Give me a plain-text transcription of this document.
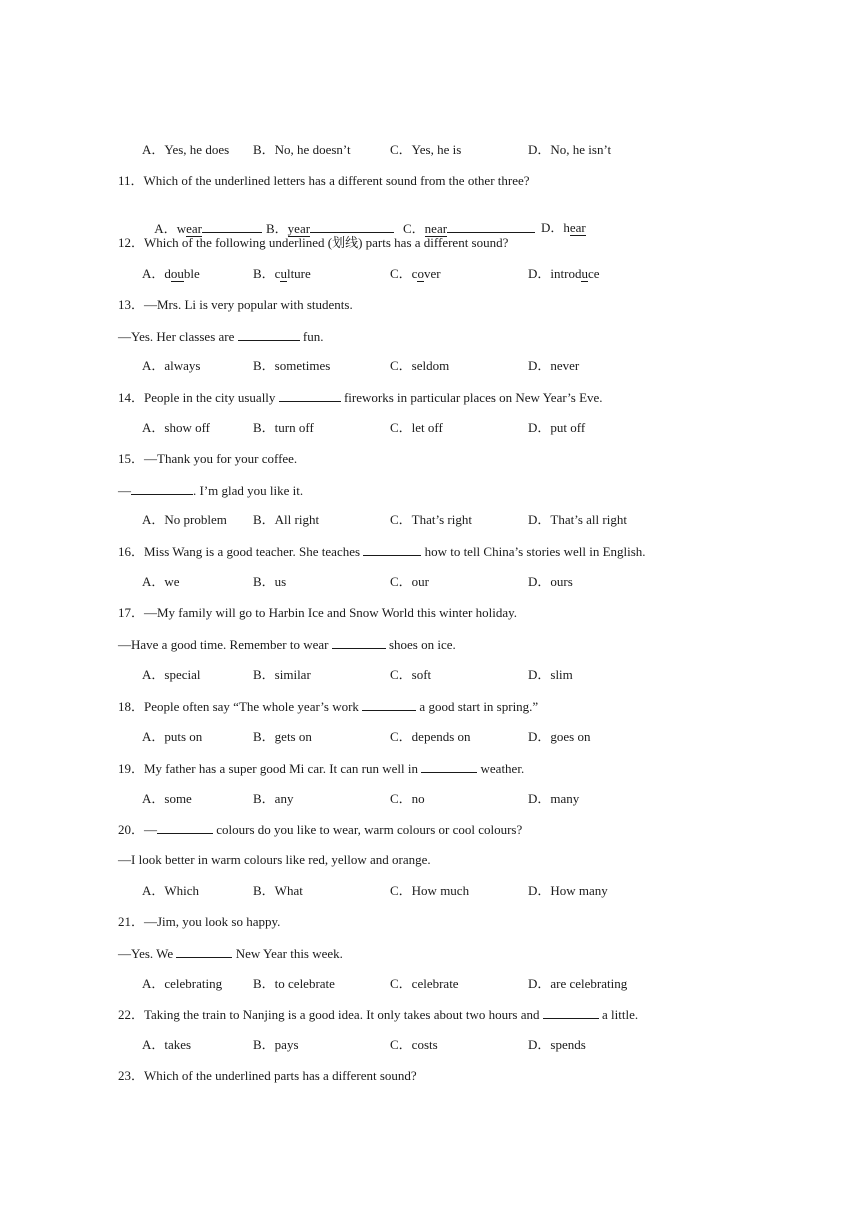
A．Yes, he does B．No, he doesn’t	C．Yes, he is	D．No, he isn’t
11．Which of the underlined letters has a different sound from the other three?

A．wear
	B．year
	C．near
	D．hear

12．Which of the following underlined (划线) parts has a different sound?
A．double	B．culture	C．cover	D．introduce
13．—Mrs. Li is very popular with students.
—Yes. Her classes are	fun.
A．always	B．sometimes	C．seldom	D．never
14．People in the city usually	fireworks in particular places on New Year’s Eve.
A．show off	B．turn off	C．let off	D．put off
15．—Thank you for your coffee.
—	. I’m glad you like it.
A．No problem B．All right	C．That’s right	D．That’s all right
16．Miss Wang is a good teacher. She teaches	how to tell China’s stories well in English.
A．we	B．us	C．our	D．ours
17．—My family will go to Harbin Ice and Snow World this winter holiday.
—Have a good time. Remember to wear	shoes on ice.
A．special	B．similar	C．soft	D．slim
18．People often say “The whole year’s work	a good start in spring.”
A．puts on	B．gets on	C．depends on	D．goes on
19．My father has a super good Mi car. It can run well in	weather.
A．some	B．any	C．no	D．many
20．—	colours do you like to wear, warm colours or cool colours?
—I look better in warm colours like red, yellow and orange.
A．Which	B．What	C．How much	D．How many
21．—Jim, you look so happy.
—Yes. We	New Year this week.
A．celebrating B．to celebrate	C．celebrate	D．are celebrating
22．Taking the train to Nanjing is a good idea. It only takes about two hours and	a little.
A．takes	B．pays	C．costs	D．spends
23．Which of the underlined parts has a different sound?
